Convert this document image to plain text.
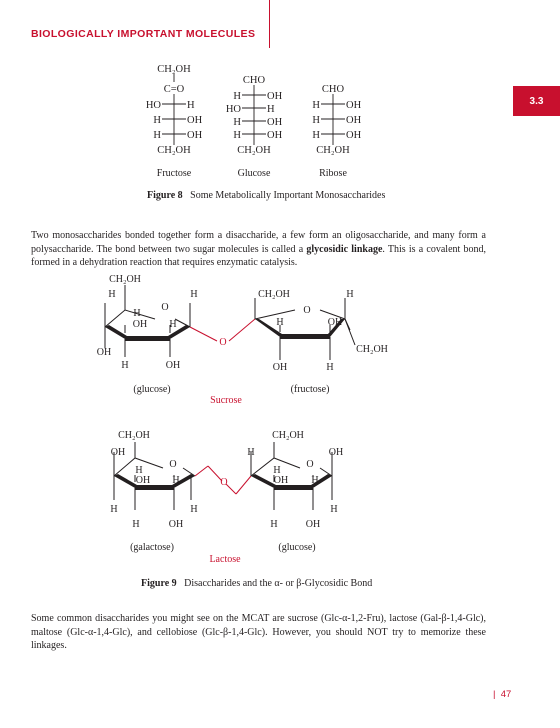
BIOLOGICALLY IMPORTANT MOLECULES
3.3
CH₂OH
C=O
HO H
H OH
H OH
CH₂OH
Fructose
CHO
H OH
HO H
H OH
H OH
CH₂OH
Glucose
CHO
H OH
H OH
H OH
CH₂OH
Ribose
Figure 8 Some Metabolically Important Monosaccharides
Two monosaccharides bonded together form a disaccharide, a few form an oligosaccharide, and many form a polysaccharide. The bond between two sugar molecules is called a glycosidic linkage. This is a covalent bond, formed in a dehydration reaction that requires enzymatic catalysis.
CH₂OH
H	H
O
H
OH H
OH
H	OH
(glucose)
O
CH₂OH	H
O
H	OH
CH₂OH
OH	H
(fructose)
Sucrose
CH₂OH
OH
O
H
OH H
H	H
H	OH
(galactose)
O
CH₂OH
H	OH
O
H
OH H
H
H	OH
(glucose)
Lactose
Figure 9 Disaccharides and the α- or β-Glycosidic Bond
Some common disaccharides you might see on the MCAT are sucrose (Glc-α-1,2-Fru), lactose (Gal-β-1,4-Glc), maltose (Glc-α-1,4-Glc), and cellobiose (Glc-β-1,4-Glc). However, you should NOT try to memorize these linkages.
|  47
